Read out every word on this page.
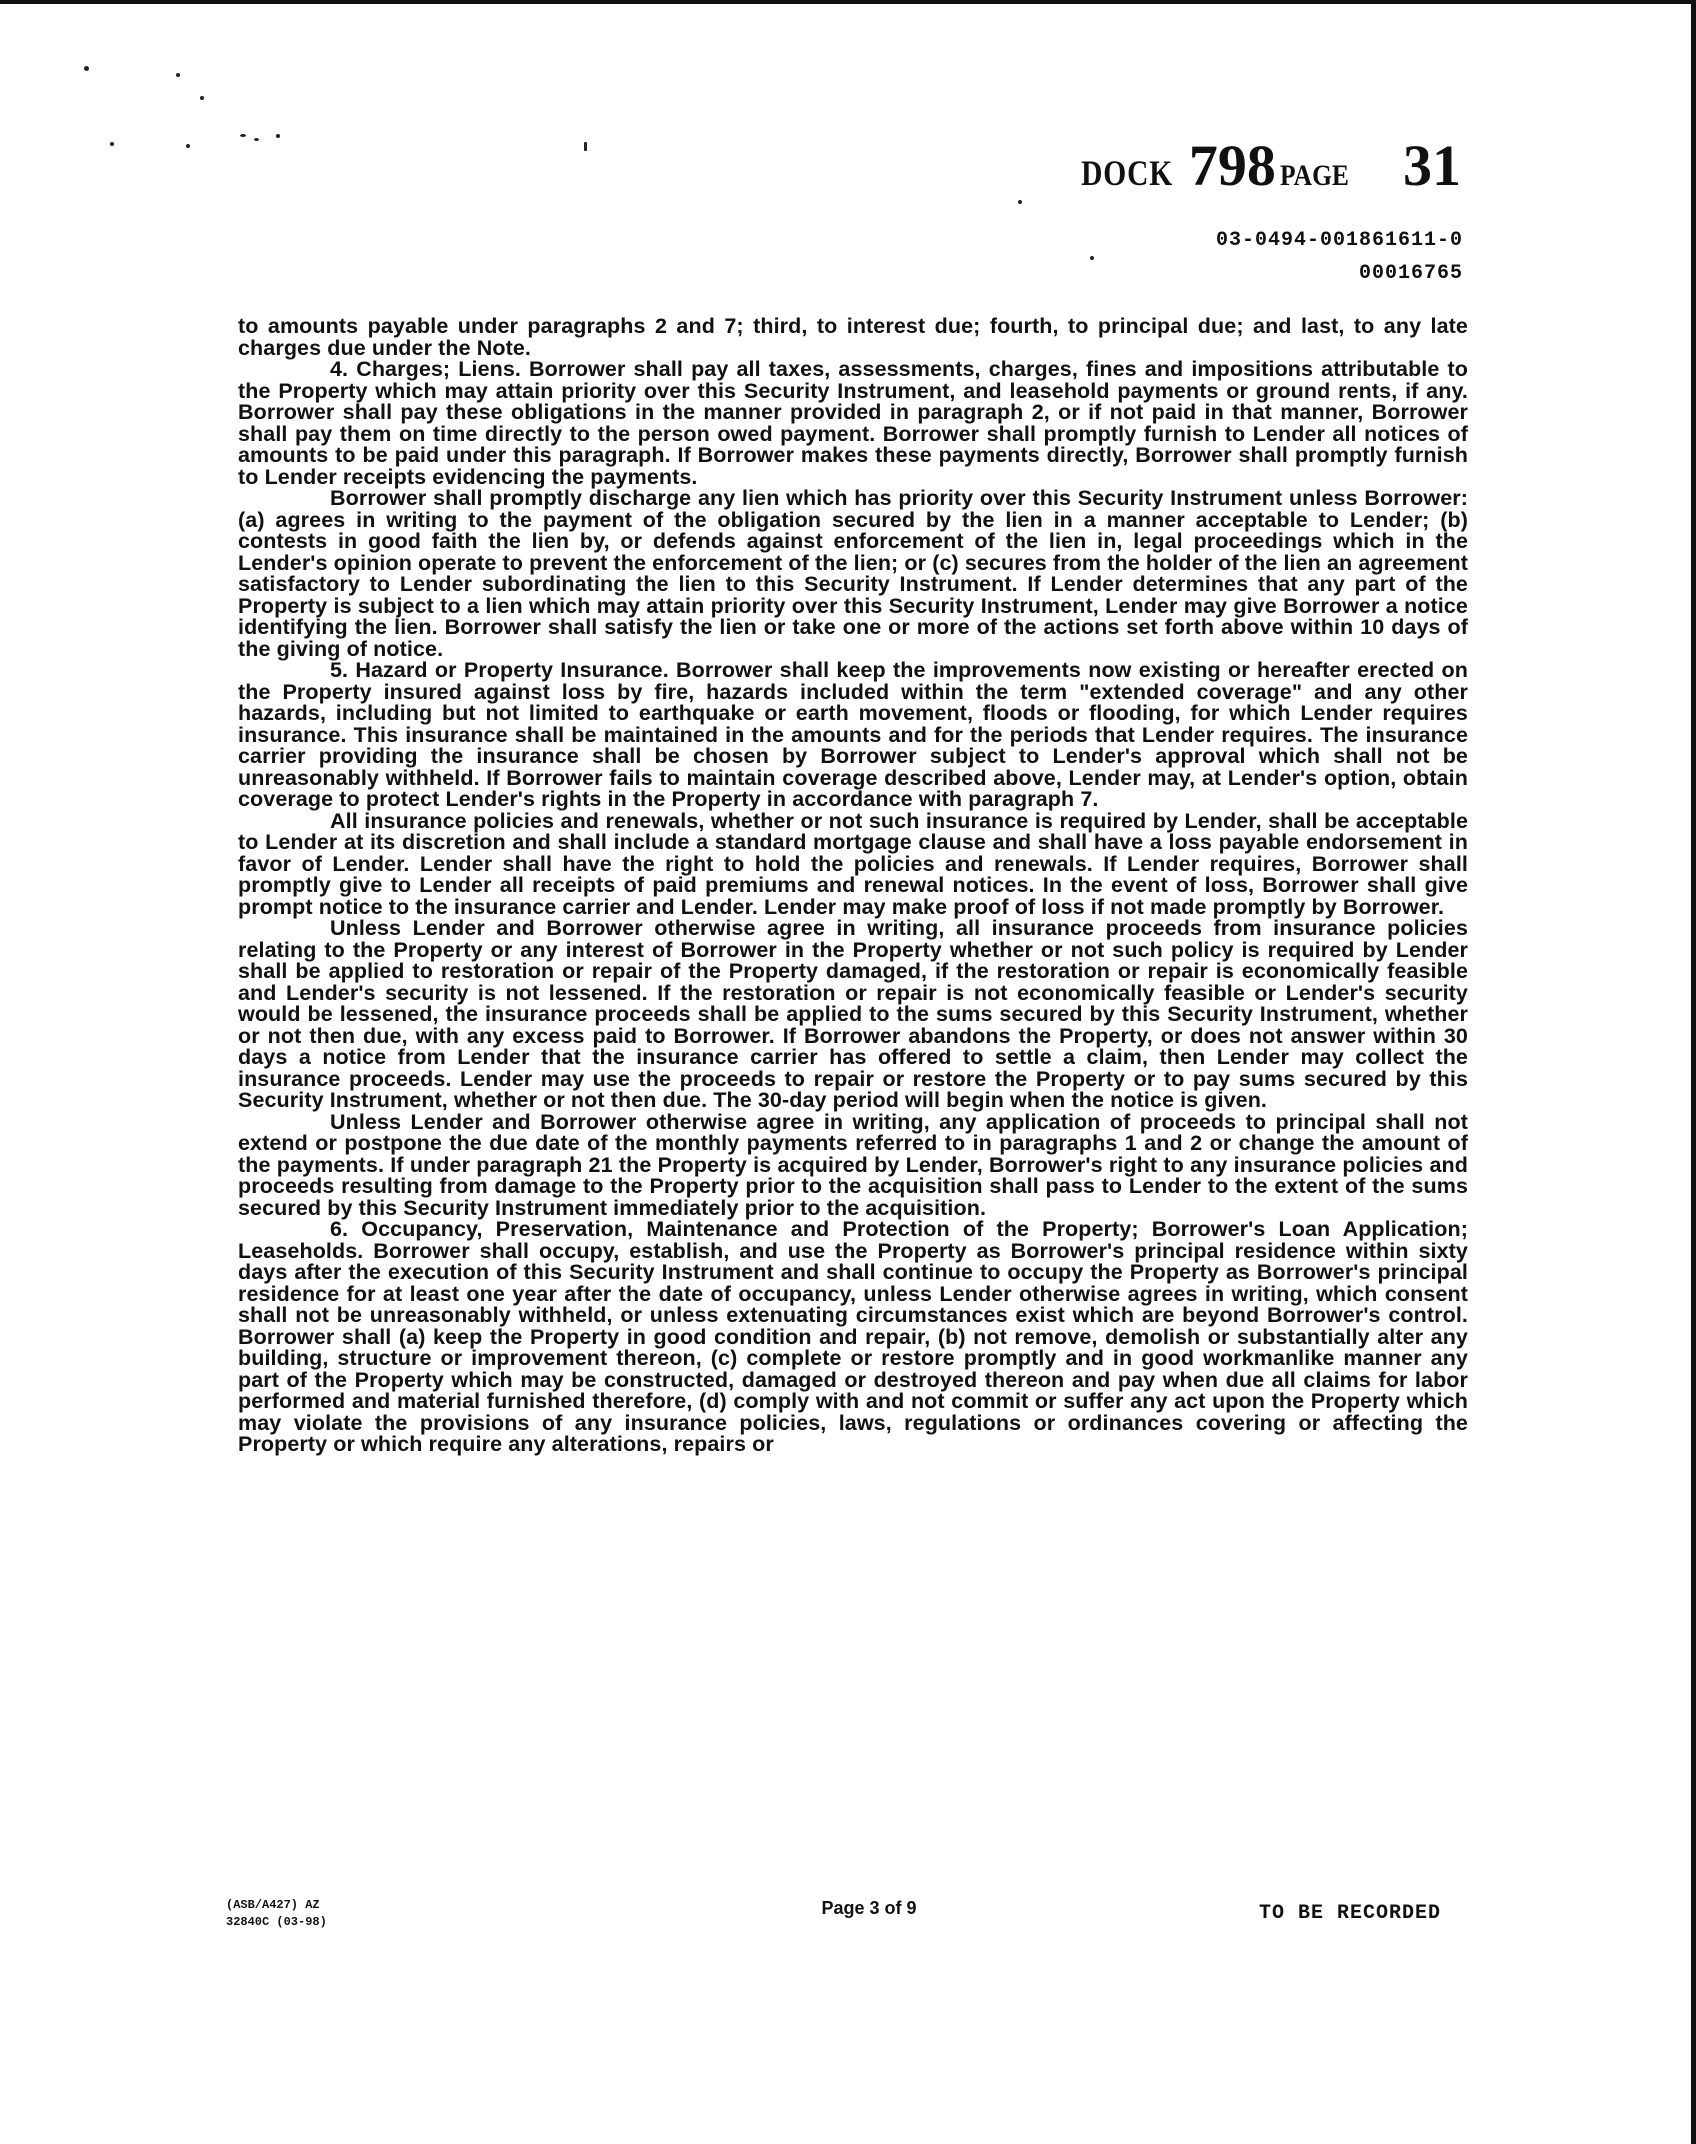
DOCK 798 PAGE 31
03-0494-001861611-0
00016765

to amounts payable under paragraphs 2 and 7; third, to interest due; fourth, to principal due; and last, to any late charges due under the Note.

4. Charges; Liens. Borrower shall pay all taxes, assessments, charges, fines and impositions attributable to the Property which may attain priority over this Security Instrument, and leasehold payments or ground rents, if any. Borrower shall pay these obligations in the manner provided in paragraph 2, or if not paid in that manner, Borrower shall pay them on time directly to the person owed payment. Borrower shall promptly furnish to Lender all notices of amounts to be paid under this paragraph. If Borrower makes these payments directly, Borrower shall promptly furnish to Lender receipts evidencing the payments.

Borrower shall promptly discharge any lien which has priority over this Security Instrument unless Borrower: (a) agrees in writing to the payment of the obligation secured by the lien in a manner acceptable to Lender; (b) contests in good faith the lien by, or defends against enforcement of the lien in, legal proceedings which in the Lender's opinion operate to prevent the enforcement of the lien; or (c) secures from the holder of the lien an agreement satisfactory to Lender subordinating the lien to this Security Instrument. If Lender determines that any part of the Property is subject to a lien which may attain priority over this Security Instrument, Lender may give Borrower a notice identifying the lien. Borrower shall satisfy the lien or take one or more of the actions set forth above within 10 days of the giving of notice.

5. Hazard or Property Insurance. Borrower shall keep the improvements now existing or hereafter erected on the Property insured against loss by fire, hazards included within the term "extended coverage" and any other hazards, including but not limited to earthquake or earth movement, floods or flooding, for which Lender requires insurance. This insurance shall be maintained in the amounts and for the periods that Lender requires. The insurance carrier providing the insurance shall be chosen by Borrower subject to Lender's approval which shall not be unreasonably withheld. If Borrower fails to maintain coverage described above, Lender may, at Lender's option, obtain coverage to protect Lender's rights in the Property in accordance with paragraph 7.

All insurance policies and renewals, whether or not such insurance is required by Lender, shall be acceptable to Lender at its discretion and shall include a standard mortgage clause and shall have a loss payable endorsement in favor of Lender. Lender shall have the right to hold the policies and renewals. If Lender requires, Borrower shall promptly give to Lender all receipts of paid premiums and renewal notices. In the event of loss, Borrower shall give prompt notice to the insurance carrier and Lender. Lender may make proof of loss if not made promptly by Borrower.

Unless Lender and Borrower otherwise agree in writing, all insurance proceeds from insurance policies relating to the Property or any interest of Borrower in the Property whether or not such policy is required by Lender shall be applied to restoration or repair of the Property damaged, if the restoration or repair is economically feasible and Lender's security is not lessened. If the restoration or repair is not economically feasible or Lender's security would be lessened, the insurance proceeds shall be applied to the sums secured by this Security Instrument, whether or not then due, with any excess paid to Borrower. If Borrower abandons the Property, or does not answer within 30 days a notice from Lender that the insurance carrier has offered to settle a claim, then Lender may collect the insurance proceeds. Lender may use the proceeds to repair or restore the Property or to pay sums secured by this Security Instrument, whether or not then due. The 30-day period will begin when the notice is given.

Unless Lender and Borrower otherwise agree in writing, any application of proceeds to principal shall not extend or postpone the due date of the monthly payments referred to in paragraphs 1 and 2 or change the amount of the payments. If under paragraph 21 the Property is acquired by Lender, Borrower's right to any insurance policies and proceeds resulting from damage to the Property prior to the acquisition shall pass to Lender to the extent of the sums secured by this Security Instrument immediately prior to the acquisition.

6. Occupancy, Preservation, Maintenance and Protection of the Property; Borrower's Loan Application; Leaseholds. Borrower shall occupy, establish, and use the Property as Borrower's principal residence within sixty days after the execution of this Security Instrument and shall continue to occupy the Property as Borrower's principal residence for at least one year after the date of occupancy, unless Lender otherwise agrees in writing, which consent shall not be unreasonably withheld, or unless extenuating circumstances exist which are beyond Borrower's control. Borrower shall (a) keep the Property in good condition and repair, (b) not remove, demolish or substantially alter any building, structure or improvement thereon, (c) complete or restore promptly and in good workmanlike manner any part of the Property which may be constructed, damaged or destroyed thereon and pay when due all claims for labor performed and material furnished therefore, (d) comply with and not commit or suffer any act upon the Property which may violate the provisions of any insurance policies, laws, regulations or ordinances covering or affecting the Property or which require any alterations, repairs or

(ASB/A427) AZ
32840C (03-98)
Page 3 of 9	TO BE RECORDED
